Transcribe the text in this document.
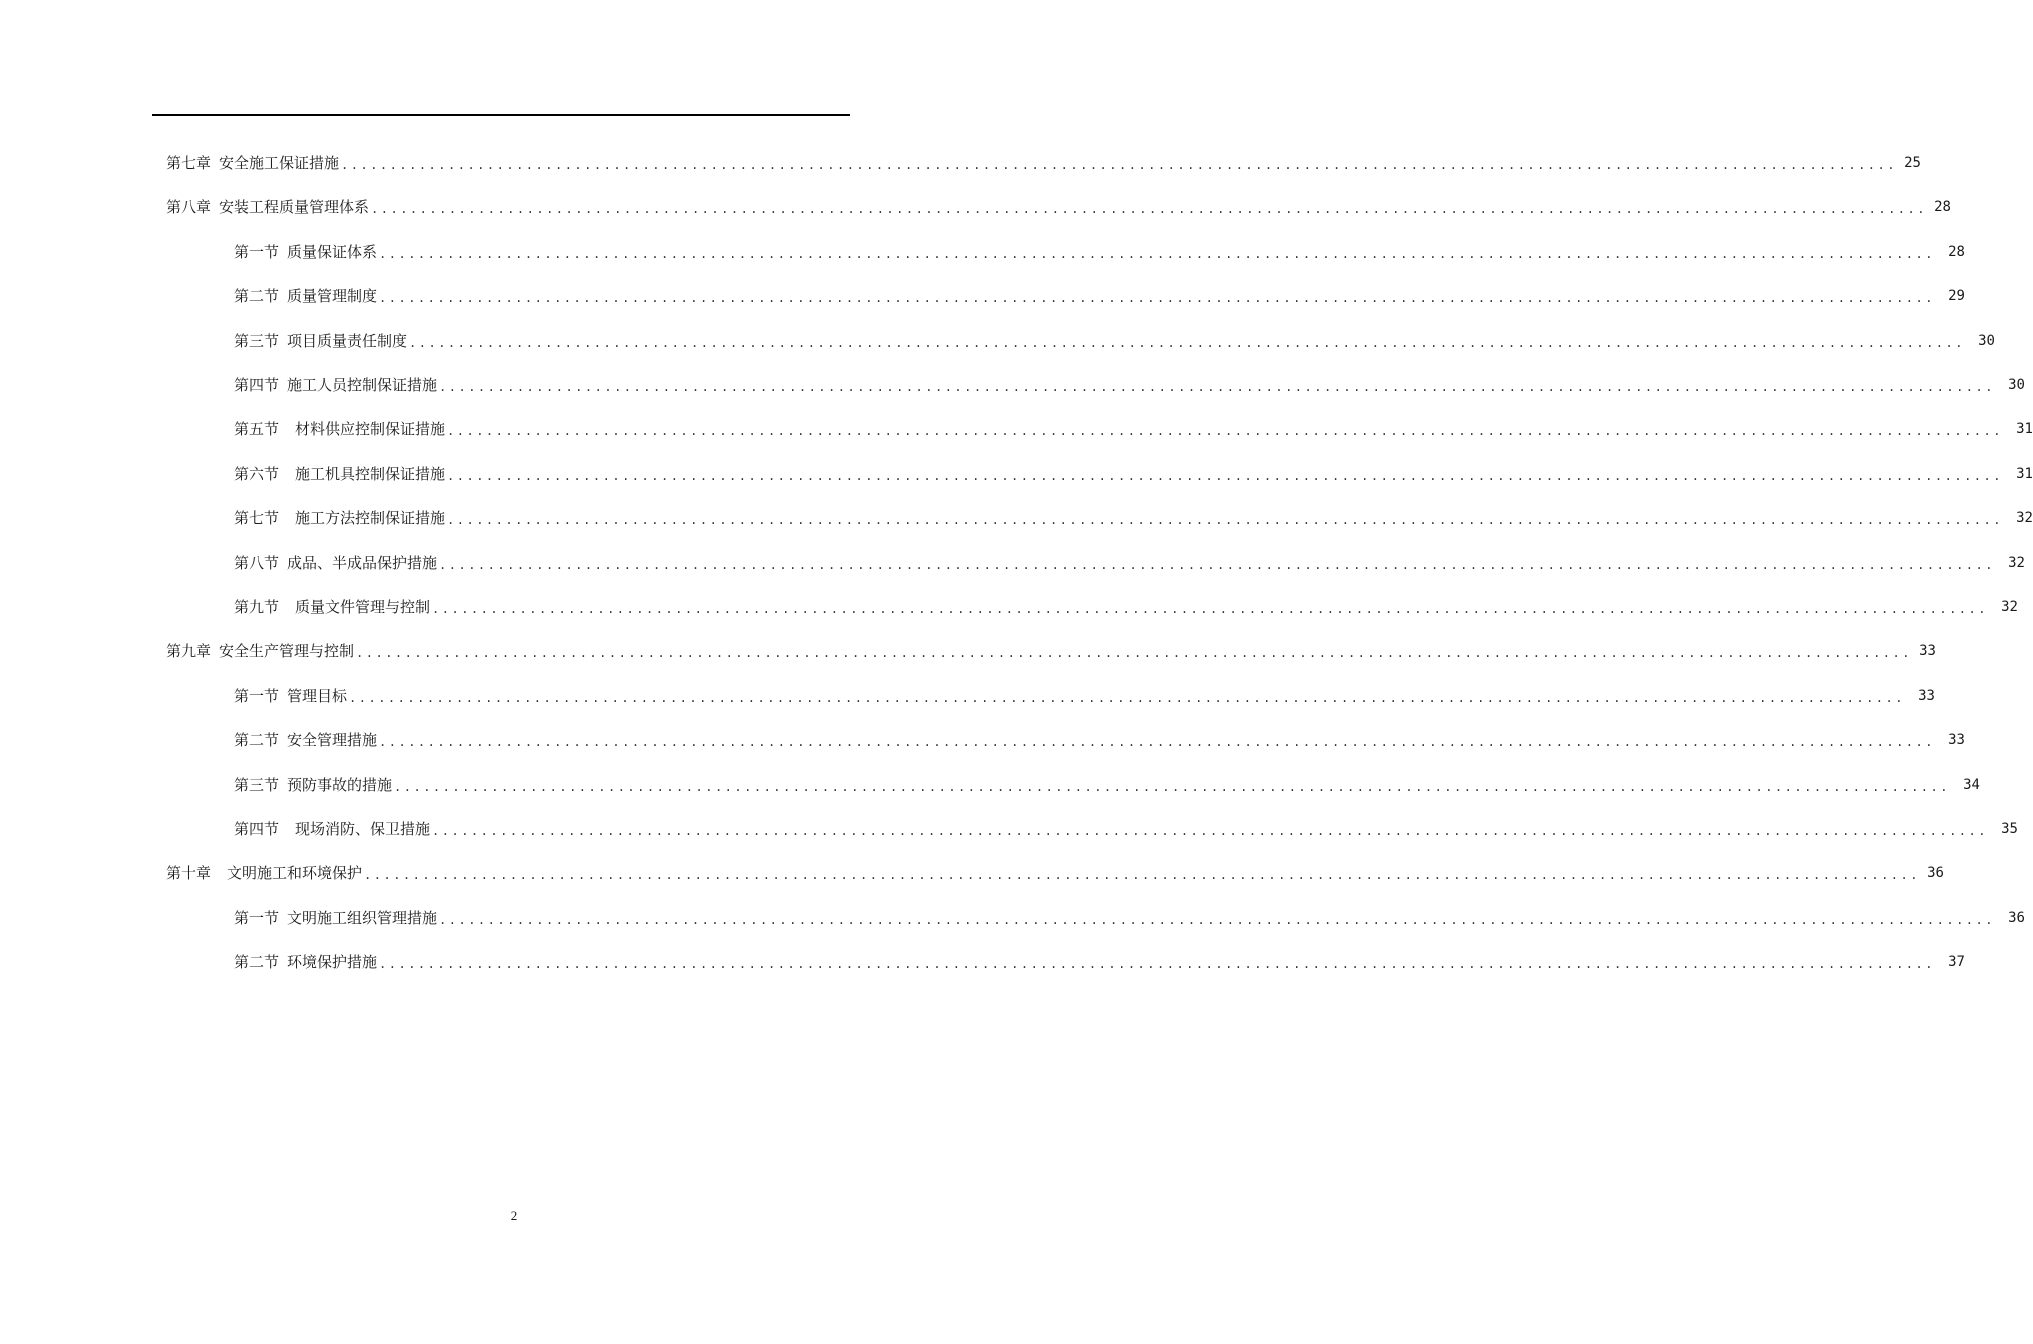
第七章 安全施工保证措施 ................................................................................................................................................................ 25
第八章 安装工程质量管理体系 ................................................................................................................................................................ 28
第一节 质量保证体系 ................................................................................................................................................................ 28
第二节 质量管理制度 ................................................................................................................................................................ 29
第三节 项目质量责任制度 ................................................................................................................................................................ 30
第四节 施工人员控制保证措施 ................................................................................................................................................................ 30
第五节 材料供应控制保证措施 ................................................................................................................................................................ 31
第六节 施工机具控制保证措施 ................................................................................................................................................................ 31
第七节 施工方法控制保证措施 ................................................................................................................................................................ 32
第八节 成品、半成品保护措施 ................................................................................................................................................................ 32
第九节 质量文件管理与控制 ................................................................................................................................................................ 32
第九章 安全生产管理与控制 ................................................................................................................................................................ 33
第一节 管理目标 ................................................................................................................................................................ 33
第二节 安全管理措施 ................................................................................................................................................................ 33
第三节 预防事故的措施 ................................................................................................................................................................ 34
第四节 现场消防、保卫措施 ................................................................................................................................................................ 35
第十章 文明施工和环境保护 ................................................................................................................................................................ 36
第一节 文明施工组织管理措施 ................................................................................................................................................................ 36
第二节 环境保护措施 ................................................................................................................................................................ 37
2
